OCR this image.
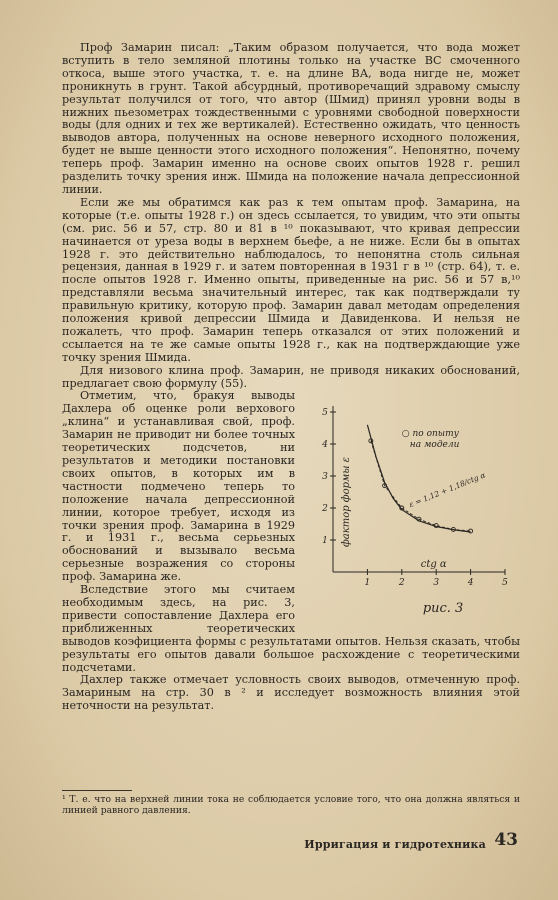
Проф Замарин писал: „Таким образом получается, что вода может вступить в тело земляной плотины только на участке ВС смоченного откоса, выше этого участка, т. е. на длине ВА, вода нигде не, может проникнуть в грунт. Такой абсурдный, противоречащий здравому смыслу результат получился от того, что автор (Шмид) принял уровни воды в нижних пьезометрах тождественными с уровнями свободной поверхности воды (для одних и тех же вертикалей). Естественно ожидать, что ценность выводов автора, полученных на основе неверного исходного положения, будет не выше ценности этого исходного положения“. Непонятно, почему теперь проф. Замарин именно на основе своих опытов 1928 г. решил разделить точку зрения инж. Шмида на положение начала депрессионной линии.

Если же мы обратимся как раз к тем опытам проф. Замарина, на которые (т.е. опыты 1928 г.) он здесь ссылается, то увидим, что эти опыты (см. рис. 56 и 57, стр. 80 и 81 в ¹⁰ показывают, что кривая депрессии начинается от уреза воды в верхнем бьефе, а не ниже. Если бы в опытах 1928 г. это действительно наблюдалось, то непонятна столь сильная рецензия, данная в 1929 г. и затем повторенная в 1931 г в ¹⁰ (стр. 64), т. е. после опытов 1928 г. Именно опыты, приведенные на рис. 56 и 57 в,¹⁰ представляли весьма значительный интерес, так как подтверждали ту правильную критику, которую проф. Замарин давал методам определения положения кривой депрессии Шмида и Давиденкова. И нельзя не пожалеть, что проф. Замарин теперь отказался от этих положений и ссылается на те же самые опыты 1928 г., как на подтверждающие уже точку зрения Шмида.

Для низового клина проф. Замарин, не приводя никаких обоснований, предлагает свою формулу (55).

1	2	3	4	5
5
4
3
2
1 фактор формы ε
ctg α
○ по опыту на модели
ε = 1,12 + 1,18/ctg α
рис. 3

Отметим, что, бракуя выводы Дахлера об оценке роли верхового „клина“ и устанавливая свой, проф. Замарин не приводит ни более точных теоретических подсчетов, ни результатов и методики постановки своих опытов, в которых им в частности подмечено теперь то положение начала депрессионной линии, которое требует, исходя из точки зрения проф. Замарина в 1929 г. и 1931 г., весьма серьезных обоснований и вызывало весьма серьезные возражения со стороны проф. Замарина же.

Вследствие этого мы считаем необходимым здесь, на рис. 3, привести сопоставление Дахлера его приближенных теоретических выводов коэфициента формы с результатами опытов. Нельзя сказать, чтобы результаты его опытов давали большое расхождение с теоретическими подсчетами.

Дахлер также отмечает условность своих выводов, отмеченную проф. Замариным на стр. 30 в ² и исследует возможность влияния этой неточности на результат.

¹ Т. е. что на верхней линии тока не соблюдается условие того, что она должна являться и линией равного давления.
Ирригация и гидротехника 43
